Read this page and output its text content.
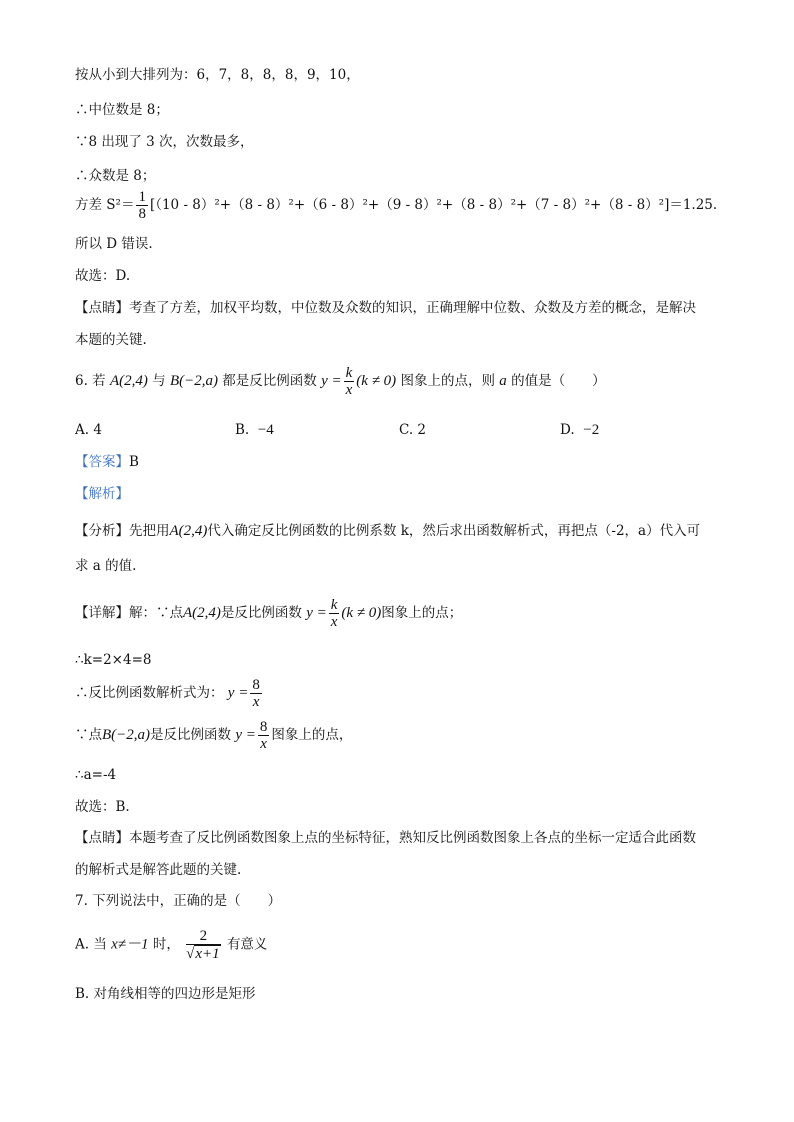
按从小到大排列为：6，7，8，8，8，9，10，
∴中位数是 8；
∵8 出现了 3 次，次数最多，
∴众数是 8；
方差 $S^2= \frac{1}{8} [(10 - 8)^2+(8 - 8)^2+(6 - 8)^2+(9 - 8)^2+(8 - 8)^2+(7 - 8)^2+(8 - 8)^2]=1.25$.
所以 D 错误.
故选：D.
【点睛】考查了方差，加权平均数，中位数及众数的知识，正确理解中位数、众数及方差的概念，是解决
本题的关键.
6. 若 A(2,4) 与 B(−2,a) 都是反比例函数 $y = \frac{k}{x} (k \ne 0)$ 图象上的点，则 a 的值是（　　）
A. 4	B. −4	C. 2	D. −2
【答案】B
【解析】
【分析】先把用A(2,4)代入确定反比例函数的比例系数 k，然后求出函数解析式，再把点（-2，a）代入可
求 a 的值.
【详解】解：∵点A(2,4)是反比例函数 $y = \frac{k}{x} (k \ne 0)$图象上的点；
∴k=2×4=8
∴反比例函数解析式为： $y = \frac{8}{x}$
∵点B(−2,a)是反比例函数 $y = \frac{8}{x}$ 图象上的点，
∴a=-4
故选：B.
【点睛】本题考查了反比例函数图象上点的坐标特征，熟知反比例函数图象上各点的坐标一定适合此函数
的解析式是解答此题的关键.
7. 下列说法中，正确的是（　　）
A. 当 x≠－1 时， $\frac{2}{√x+1}$ 有意义
B. 对角线相等的四边形是矩形
